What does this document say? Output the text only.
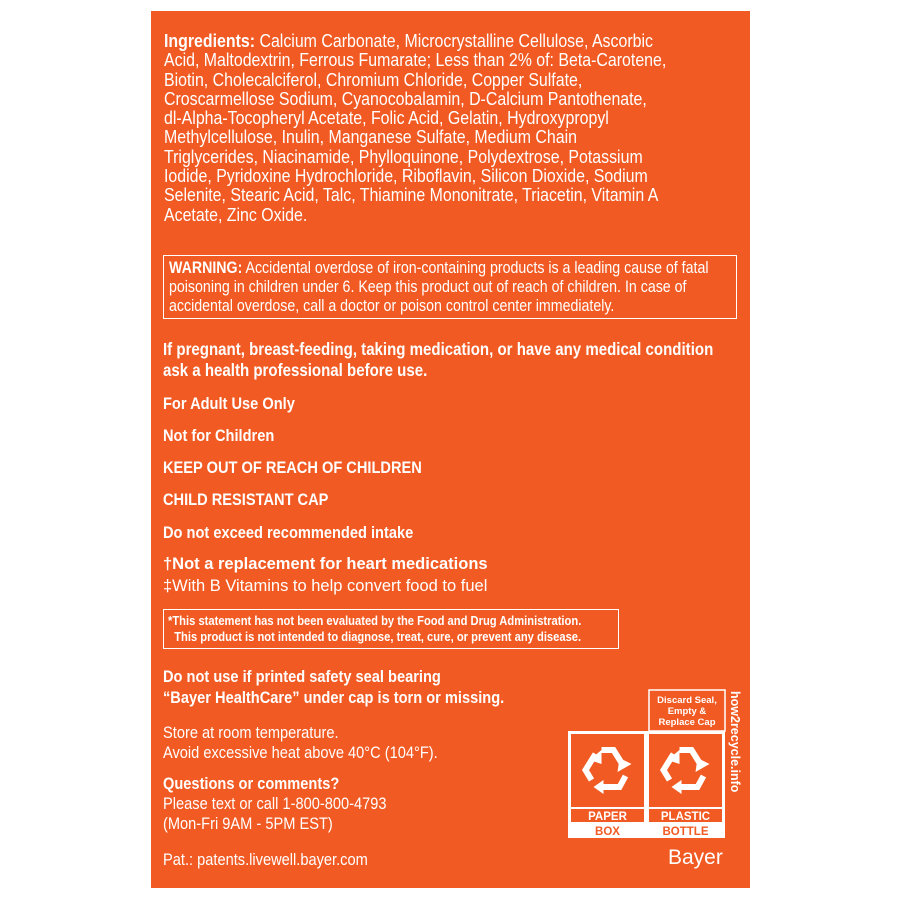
Ingredients: Calcium Carbonate, Microcrystalline Cellulose, Ascorbic
Acid, Maltodextrin, Ferrous Fumarate; Less than 2% of: Beta-Carotene,
Biotin, Cholecalciferol, Chromium Chloride, Copper Sulfate,
Croscarmellose Sodium, Cyanocobalamin, D-Calcium Pantothenate,
dl-Alpha-Tocopheryl Acetate, Folic Acid, Gelatin, Hydroxypropyl
Methylcellulose, Inulin, Manganese Sulfate, Medium Chain
Triglycerides, Niacinamide, Phylloquinone, Polydextrose, Potassium
Iodide, Pyridoxine Hydrochloride, Riboflavin, Silicon Dioxide, Sodium
Selenite, Stearic Acid, Talc, Thiamine Mononitrate, Triacetin, Vitamin A
Acetate, Zinc Oxide.
WARNING: Accidental overdose of iron-containing products is a leading cause of fatal
poisoning in children under 6. Keep this product out of reach of children. In case of
accidental overdose, call a doctor or poison control center immediately.
If pregnant, breast-feeding, taking medication, or have any medical condition
ask a health professional before use.
For Adult Use Only
Not for Children
KEEP OUT OF REACH OF CHILDREN
CHILD RESISTANT CAP
Do not exceed recommended intake
†Not a replacement for heart medications
‡With B Vitamins to help convert food to fuel
*This statement has not been evaluated by the Food and Drug Administration.
This product is not intended to diagnose, treat, cure, or prevent any disease.
Do not use if printed safety seal bearing
“Bayer HealthCare” under cap is torn or missing.
Store at room temperature.
Avoid excessive heat above 40°C (104°F).
Questions or comments?
Please text or call 1-800-800-4793
(Mon-Fri 9AM - 5PM EST)
Pat.: patents.livewell.bayer.com
Discard Seal,
Empty &
Replace Cap
PAPER	PLASTIC
BOX	BOTTLE
how2recycle.info
Bayer
